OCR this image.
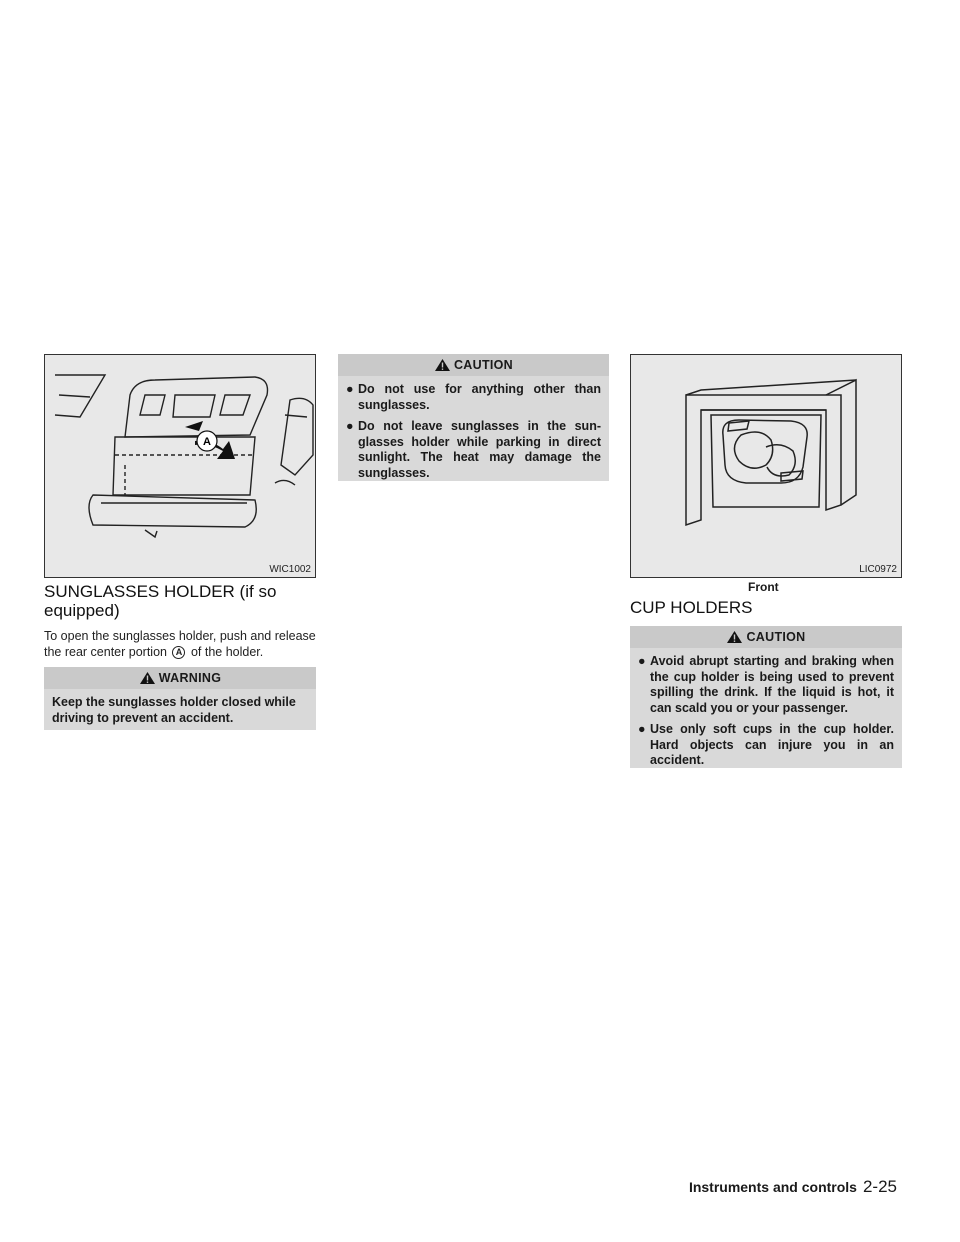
A
WIC1002
SUNGLASSES HOLDER (if so equipped)
To open the sunglasses holder, push and release the rear center portion A of the holder.
WARNING
Keep the sunglasses holder closed while driving to prevent an accident.
CAUTION
● Do not use for anything other than sunglasses.
● Do not leave sunglasses in the sun-glasses holder while parking in direct sunlight. The heat may damage the sunglasses.
LIC0972
Front
CUP HOLDERS
CAUTION
● Avoid abrupt starting and braking when the cup holder is being used to prevent spilling the drink. If the liquid is hot, it can scald you or your passenger.
● Use only soft cups in the cup holder. Hard objects can injure you in an accident.
Instruments and controls 2-25
